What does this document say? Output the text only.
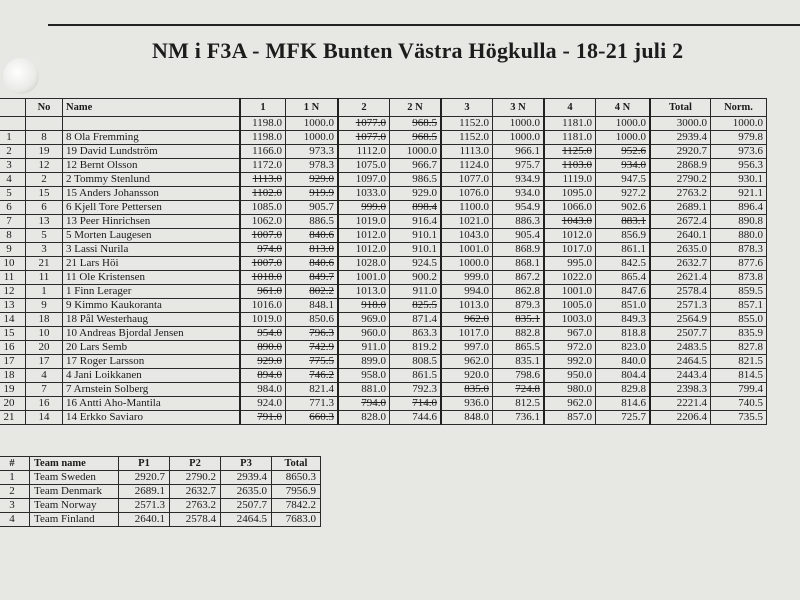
NM i F3A - MFK Bunten Västra Högkulla - 18-21 juli 2
	No	Name	1	1 N	2	2 N	3	3 N	4	4 N	Total	Norm.
			1198.0	1000.0	1077.0	968.5	1152.0	1000.0	1181.0	1000.0	3000.0	1000.0
1	8	8 Ola Fremming	1198.0	1000.0	1077.0	968.5	1152.0	1000.0	1181.0	1000.0	2939.4	979.8
2	19	19 David Lundström	1166.0	973.3	1112.0	1000.0	1113.0	966.1	1125.0	952.6	2920.7	973.6
3	12	12 Bernt Olsson	1172.0	978.3	1075.0	966.7	1124.0	975.7	1103.0	934.0	2868.9	956.3
4	2	2 Tommy Stenlund	1113.0	929.0	1097.0	986.5	1077.0	934.9	1119.0	947.5	2790.2	930.1
5	15	15 Anders Johansson	1102.0	919.9	1033.0	929.0	1076.0	934.0	1095.0	927.2	2763.2	921.1
6	6	6 Kjell Tore Pettersen	1085.0	905.7	999.0	898.4	1100.0	954.9	1066.0	902.6	2689.1	896.4
7	13	13 Peer Hinrichsen	1062.0	886.5	1019.0	916.4	1021.0	886.3	1043.0	883.1	2672.4	890.8
8	5	5 Morten Laugesen	1007.0	840.6	1012.0	910.1	1043.0	905.4	1012.0	856.9	2640.1	880.0
9	3	3 Lassi Nurila	974.0	813.0	1012.0	910.1	1001.0	868.9	1017.0	861.1	2635.0	878.3
10	21	21 Lars Höi	1007.0	840.6	1028.0	924.5	1000.0	868.1	995.0	842.5	2632.7	877.6
11	11	11 Ole Kristensen	1018.0	849.7	1001.0	900.2	999.0	867.2	1022.0	865.4	2621.4	873.8
12	1	1 Finn Lerager	961.0	802.2	1013.0	911.0	994.0	862.8	1001.0	847.6	2578.4	859.5
13	9	9 Kimmo Kaukoranta	1016.0	848.1	918.0	825.5	1013.0	879.3	1005.0	851.0	2571.3	857.1
14	18	18 Pål Westerhaug	1019.0	850.6	969.0	871.4	962.0	835.1	1003.0	849.3	2564.9	855.0
15	10	10 Andreas Bjordal Jensen	954.0	796.3	960.0	863.3	1017.0	882.8	967.0	818.8	2507.7	835.9
16	20	20 Lars Semb	890.0	742.9	911.0	819.2	997.0	865.5	972.0	823.0	2483.5	827.8
17	17	17 Roger Larsson	929.0	775.5	899.0	808.5	962.0	835.1	992.0	840.0	2464.5	821.5
18	4	4 Jani Loikkanen	894.0	746.2	958.0	861.5	920.0	798.6	950.0	804.4	2443.4	814.5
19	7	7 Arnstein Solberg	984.0	821.4	881.0	792.3	835.0	724.8	980.0	829.8	2398.3	799.4
20	16	16 Antti Aho-Mantila	924.0	771.3	794.0	714.0	936.0	812.5	962.0	814.6	2221.4	740.5
21	14	14 Erkko Saviaro	791.0	660.3	828.0	744.6	848.0	736.1	857.0	725.7	2206.4	735.5
#	Team name	P1	P2	P3	Total
1	Team Sweden	2920.7	2790.2	2939.4	8650.3
2	Team Denmark	2689.1	2632.7	2635.0	7956.9
3	Team Norway	2571.3	2763.2	2507.7	7842.2
4	Team Finland	2640.1	2578.4	2464.5	7683.0
